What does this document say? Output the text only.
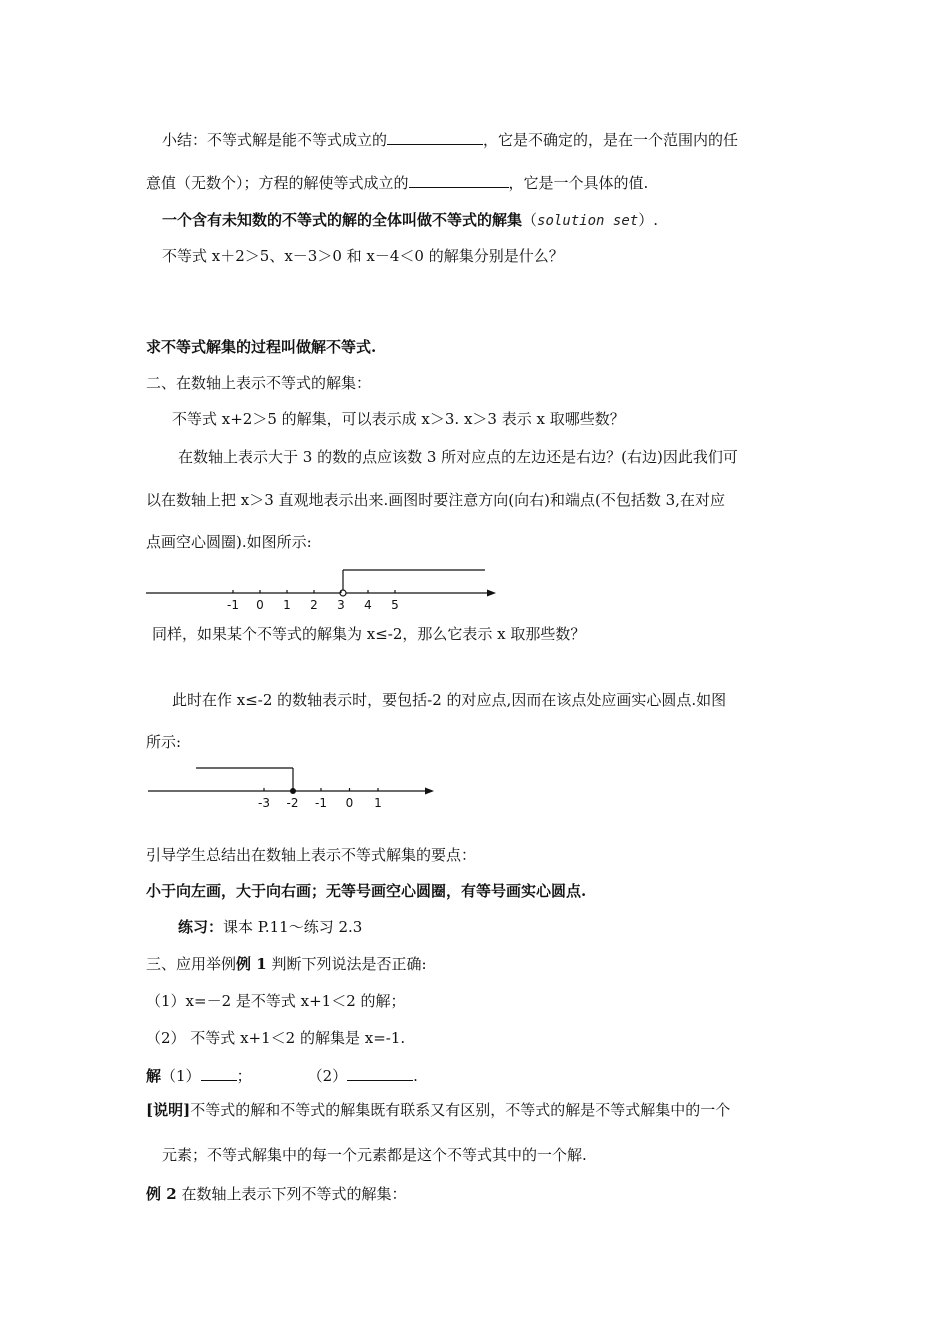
小结：不等式解是能不等式成立的	，它是不确定的，是在一个范围内的任
意值（无数个）；方程的解使等式成立的	，它是一个具体的值.
一个含有未知数的不等式的解的全体叫做不等式的解集（solution set）.
不等式 x＋2＞5、x－3＞0 和 x－4＜0 的解集分别是什么？
求不等式解集的过程叫做解不等式.
二、在数轴上表示不等式的解集：
不等式 x+2＞5 的解集，可以表示成 x＞3. x＞3 表示 x 取哪些数？
在数轴上表示大于 3 的数的点应该数 3 所对应点的左边还是右边？(右边)因此我们可
以在数轴上把 x＞3 直观地表示出来.画图时要注意方向(向右)和端点(不包括数 3,在对应
点画空心圆圈).如图所示:
-1 0 1 2 3 4 5
同样，如果某个不等式的解集为 x≤-2，那么它表示 x 取那些数？
此时在作 x≤-2 的数轴表示时，要包括-2 的对应点,因而在该点处应画实心圆点.如图
所示:
-3 -2 -1 0 1
引导学生总结出在数轴上表示不等式解集的要点：
小于向左画，大于向右画；无等号画空心圆圈，有等号画实心圆点.
练习：课本 P.11～练习 2.3
三、应用举例例 1 判断下列说法是否正确:
（1）x=－2 是不等式 x+1＜2 的解；
（2） 不等式 x+1＜2 的解集是 x=-1.
解（1） ；	（2）	.
[说明]不等式的解和不等式的解集既有联系又有区别，不等式的解是不等式解集中的一个
元素；不等式解集中的每一个元素都是这个不等式其中的一个解.
例 2 在数轴上表示下列不等式的解集：
